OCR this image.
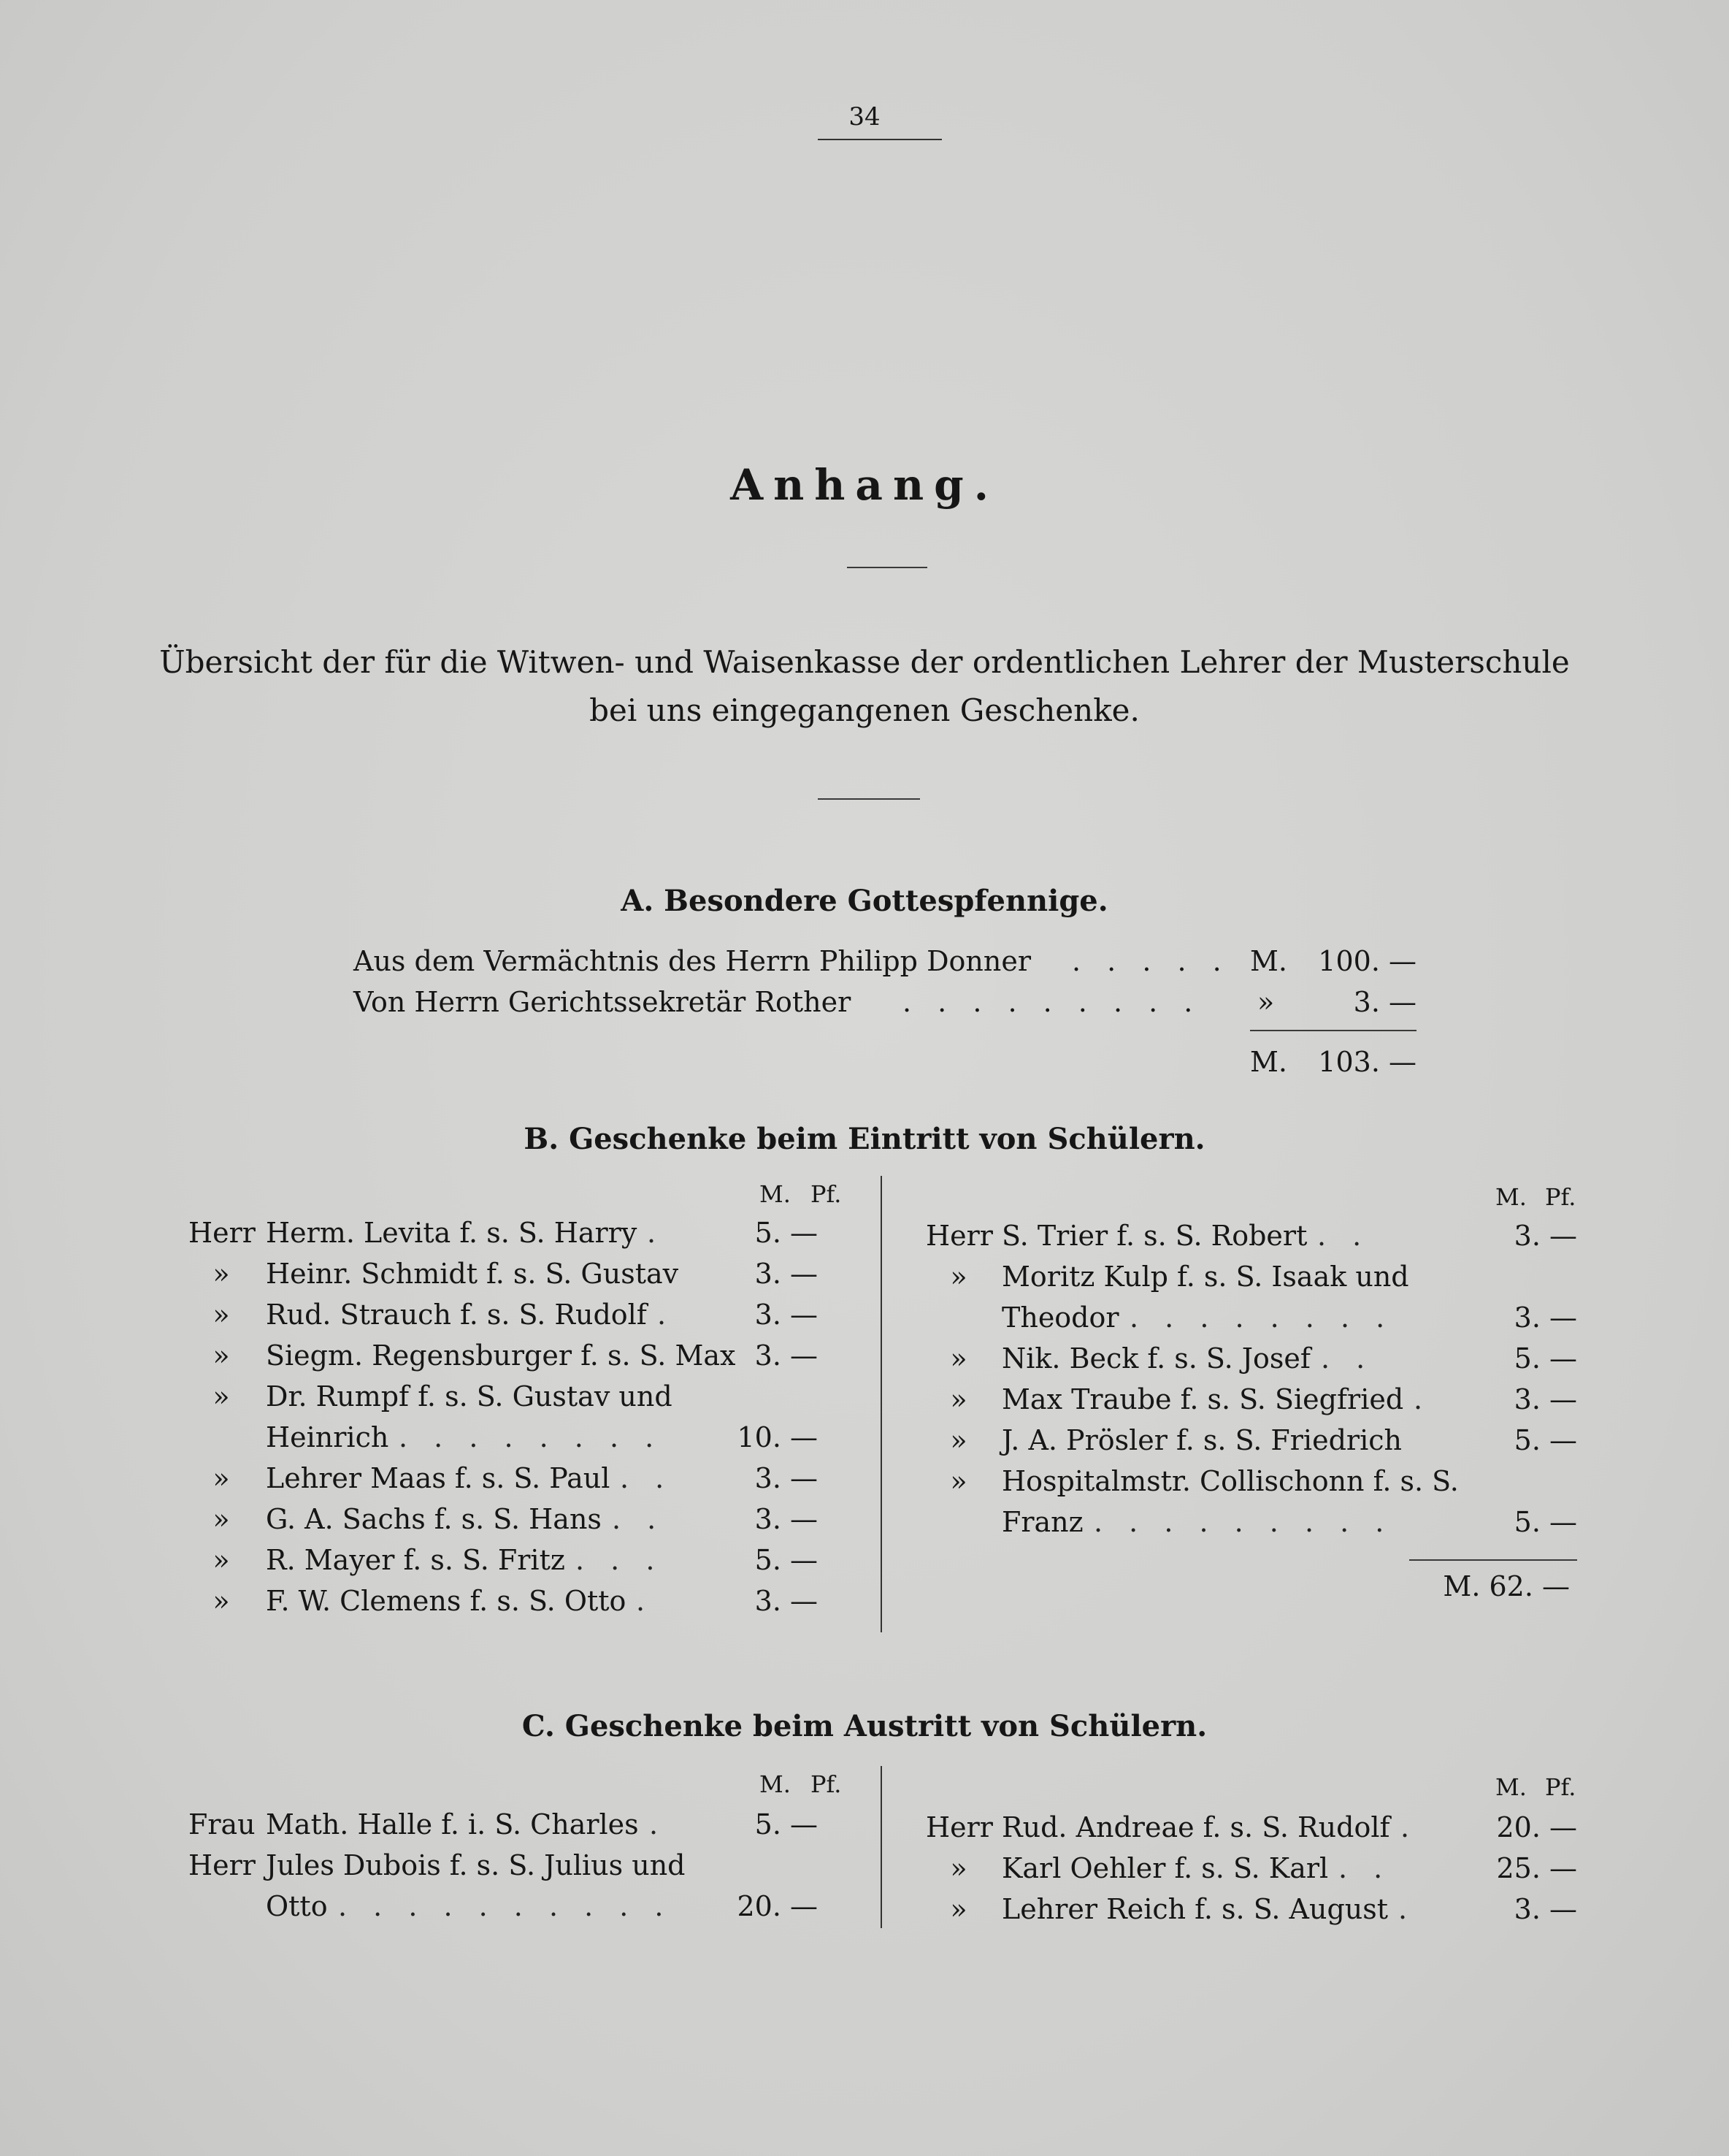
34
Anhang.
Übersicht der für die Witwen- und Waisenkasse der ordentlichen Lehrer der Musterschule
bei uns eingegangenen Geschenke.
A. Besondere Gottespfennige.
Aus dem Vermächtnis des Herrn Philipp Donner . . . . . M.	100. —
Von Herrn Gerichtssekretär Rother . . . . . . . . . »	3. —
M.	103. —
B. Geschenke beim Eintritt von Schülern.
M. Pf.	M. Pf.
Herr Herm. Levita f. s. S. Harry .	5. —
»	Heinr. Schmidt f. s. S. Gustav	3. —
»	Rud. Strauch f. s. S. Rudolf .	3. —
»	Siegm. Regensburger f. s. S. Max 3. —
»	Dr. Rumpf f. s. S. Gustav und
Heinrich . . . . . . . .	10. —
»	Lehrer Maas f. s. S. Paul . .	3. —
»	G. A. Sachs f. s. S. Hans . .	3. —
»	R. Mayer f. s. S. Fritz . . .	5. —
»	F. W. Clemens f. s. S. Otto .	3. —
Herr S. Trier f. s. S. Robert . .	3. —
»	Moritz Kulp f. s. S. Isaak und
Theodor . . . . . . . .	3. —
»	Nik. Beck f. s. S. Josef . .	5. —
»	Max Traube f. s. S. Siegfried .	3. —
»	J. A. Prösler f. s. S. Friedrich	5. —
»	Hospitalmstr. Collischonn f. s. S.
Franz . . . . . . . . .	5. —
M. 62. —
C. Geschenke beim Austritt von Schülern.
M. Pf.	M. Pf.
Frau Math. Halle f. i. S. Charles .	5. —
Herr Jules Dubois f. s. S. Julius und
Otto . . . . . . . . . .	20. —
Herr Rud. Andreae f. s. S. Rudolf .	20. —
»	Karl Oehler f. s. S. Karl . .	25. —
»	Lehrer Reich f. s. S. August .	3. —
